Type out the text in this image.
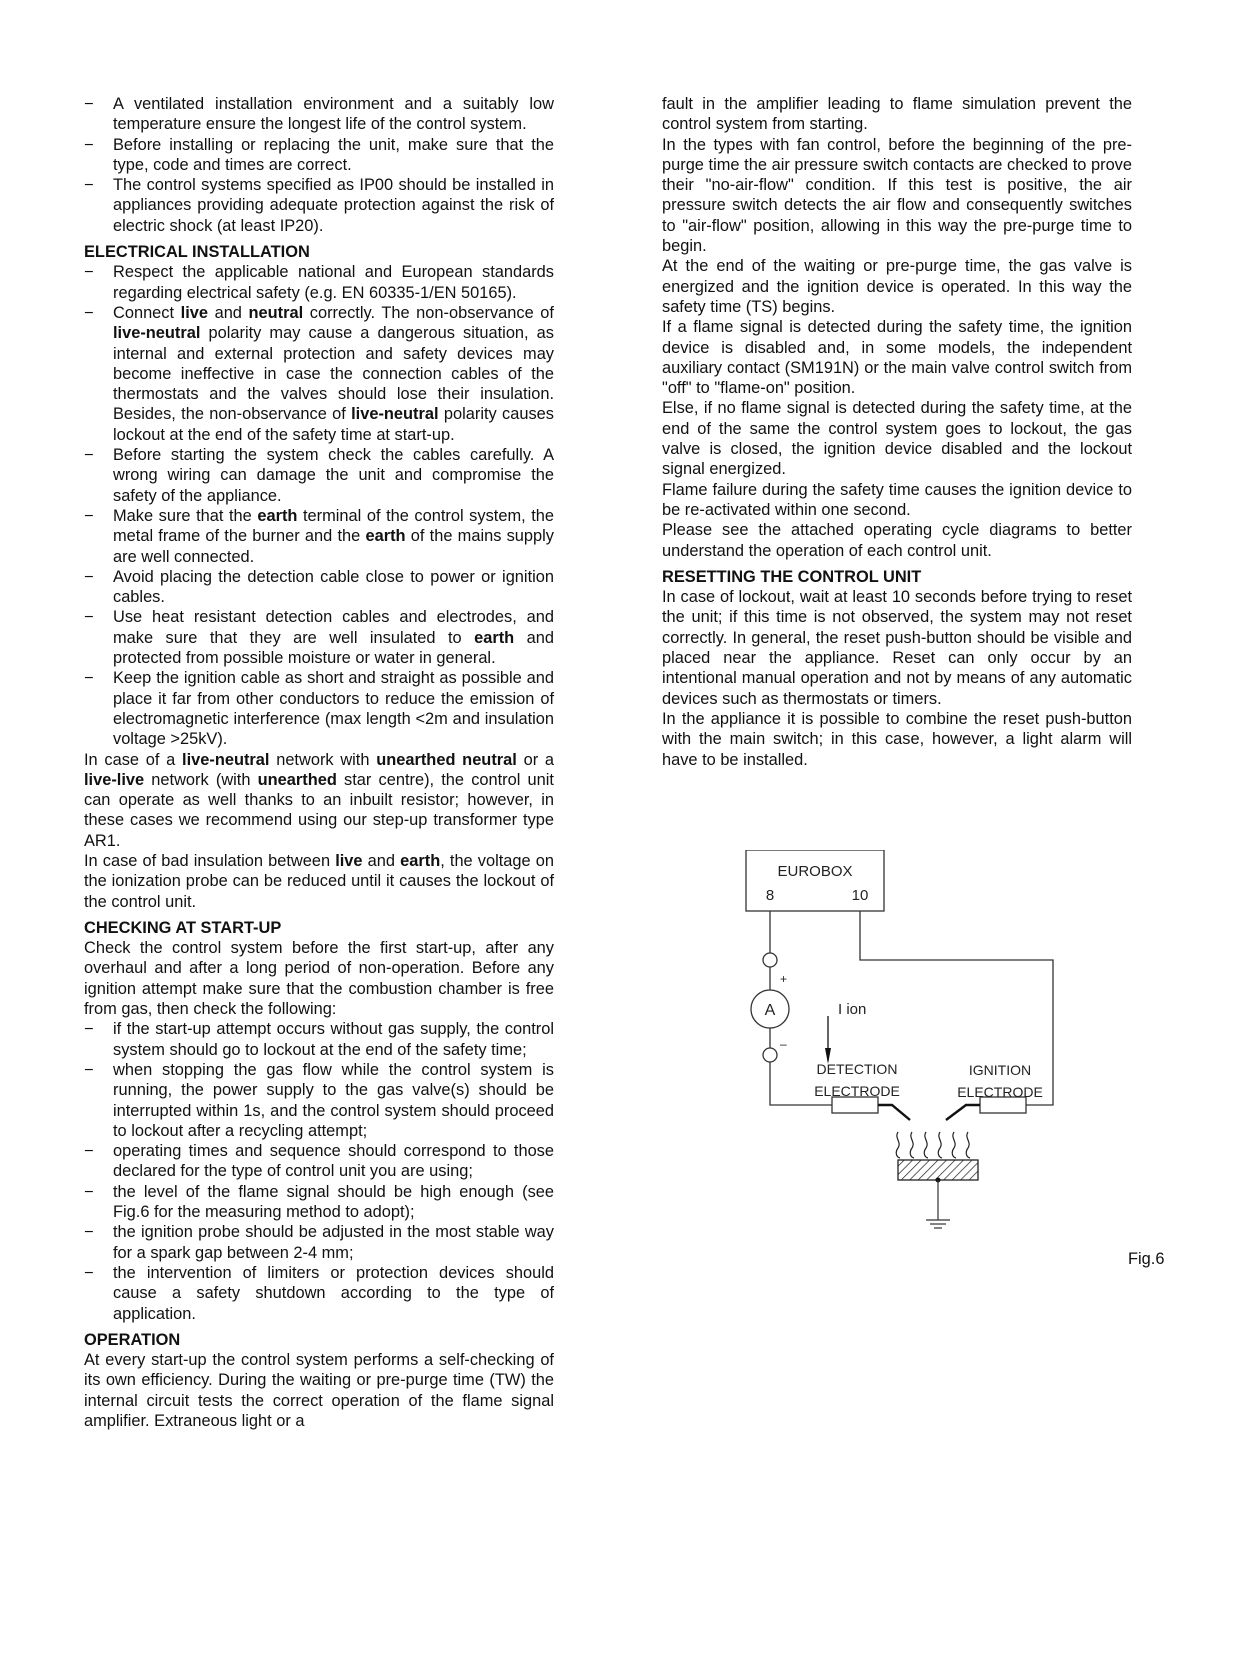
− A ventilated installation environment and a suitably low temperature ensure the longest life of the control system.
− Before installing or replacing the unit, make sure that the type, code and times are correct.
− The control systems specified as IP00 should be installed in appliances providing adequate protection against the risk of electric shock (at least IP20).
ELECTRICAL INSTALLATION
− Respect the applicable national and European standards regarding electrical safety (e.g. EN 60335-1/EN 50165).
− Connect live and neutral correctly. The non-observance of live-neutral polarity may cause a dangerous situation, as internal and external protection and safety devices may become ineffective in case the connection cables of the thermostats and the valves should lose their insulation. Besides, the non-observance of live-neutral polarity causes lockout at the end of the safety time at start-up.
− Before starting the system check the cables carefully. A wrong wiring can damage the unit and compromise the safety of the appliance.
− Make sure that the earth terminal of the control system, the metal frame of the burner and the earth of the mains supply are well connected.
− Avoid placing the detection cable close to power or ignition cables.
− Use heat resistant detection cables and electrodes, and make sure that they are well insulated to earth and protected from possible moisture or water in general.
− Keep the ignition cable as short and straight as possible and place it far from other conductors to reduce the emission of electromagnetic interference (max length <2m and insulation voltage >25kV).
In case of a live-neutral network with unearthed neutral or a live-live network (with unearthed star centre), the control unit can operate as well thanks to an inbuilt resistor; however, in these cases we recommend using our step-up transformer type AR1.
In case of bad insulation between live and earth, the voltage on the ionization probe can be reduced until it causes the lockout of the control unit.
CHECKING AT START-UP
Check the control system before the first start-up, after any overhaul and after a long period of non-operation. Before any ignition attempt make sure that the combustion chamber is free from gas, then check the following:
− if the start-up attempt occurs without gas supply, the control system should go to lockout at the end of the safety time;
− when stopping the gas flow while the control system is running, the power supply to the gas valve(s) should be interrupted within 1s, and the control system should proceed to lockout after a recycling attempt;
− operating times and sequence should correspond to those declared for the type of control unit you are using;
− the level of the flame signal should be high enough (see Fig.6 for the measuring method to adopt);
− the ignition probe should be adjusted in the most stable way for a spark gap between 2-4 mm;
− the intervention of limiters or protection devices should cause a safety shutdown according to the type of application.
OPERATION
At every start-up the control system performs a self-checking of its own efficiency. During the waiting or pre-purge time (TW) the internal circuit tests the correct operation of the flame signal amplifier. Extraneous light or a
fault in the amplifier leading to flame simulation prevent the control system from starting.
In the types with fan control, before the beginning of the pre-purge time the air pressure switch contacts are checked to prove their "no-air-flow" condition. If this test is positive, the air pressure switch detects the air flow and consequently switches to "air-flow" position, allowing in this way the pre-purge time to begin.
At the end of the waiting or pre-purge time, the gas valve is energized and the ignition device is operated. In this way the safety time (TS) begins.
If a flame signal is detected during the safety time, the ignition device is disabled and, in some models, the independent auxiliary contact (SM191N) or the main valve control switch from "off" to "flame-on" position.
Else, if no flame signal is detected during the safety time, at the end of the same the control system goes to lockout, the gas valve is closed, the ignition device disabled and the lockout signal energized.
Flame failure during the safety time causes the ignition device to be re-activated within one second.
Please see the attached operating cycle diagrams to better understand the operation of each control unit.
RESETTING THE CONTROL UNIT
In case of lockout, wait at least 10 seconds before trying to reset the unit; if this time is not observed, the system may not reset correctly. In general, the reset push-button should be visible and placed near the appliance. Reset can only occur by an intentional manual operation and not by means of any automatic devices such as thermostats or timers.
In the appliance it is possible to combine the reset push-button with the main switch; in this case, however, a light alarm will have to be installed.
EUROBOX
8	10
A
+
–
I ion
DETECTION
ELECTRODE
IGNITION
ELECTRODE
Fig.6
